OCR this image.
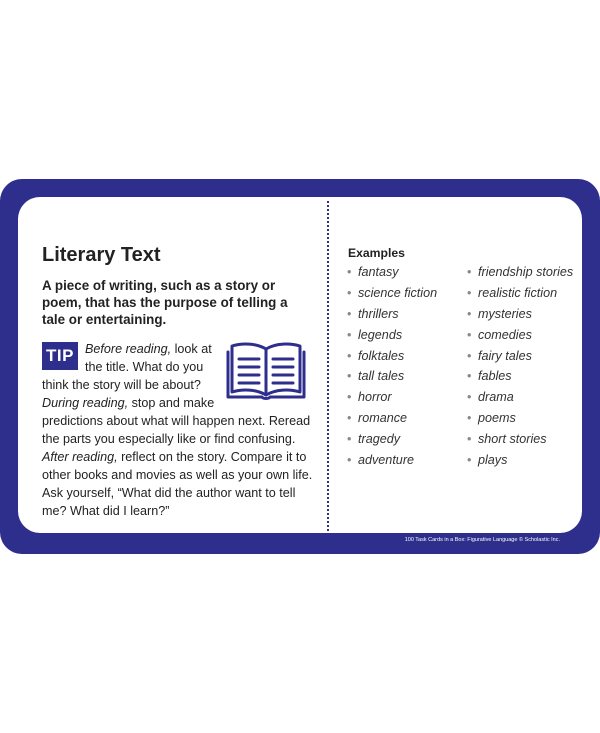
Literary Text

A piece of writing, such as a story or poem, that has the purpose of telling a tale or entertaining.

TIP Before reading, look at the title. What do you think the story will be about? During reading, stop and make predictions about what will happen next. Reread the parts you especially like or find confusing. After reading, reflect on the story. Compare it to other books and movies as well as your own life. Ask yourself, “What did the author want to tell me? What did I learn?”
Examples
• fantasy
• science fiction
• thrillers
• legends
• folktales
• tall tales
• horror
• romance
• tragedy
• adventure
• friendship stories
• realistic fiction
• mysteries
• comedies
• fairy tales
• fables
• drama
• poems
• short stories
• plays
100 Task Cards in a Box: Figurative Language © Scholastic Inc.
